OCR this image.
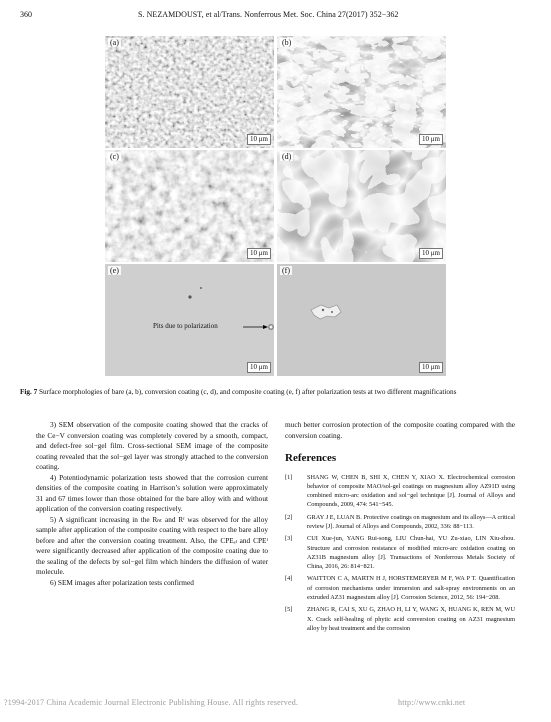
360	S. NEZAMDOUST, et al/Trans. Nonferrous Met. Soc. China 27(2017) 352−362
(a)
10 μm
(b)
10 μm
(c)
10 μm
(d)
10 μm
(e)
Pits due to polarization
10 μm
(f)
10 μm
Fig. 7 Surface morphologies of bare (a, b), conversion coating (c, d), and composite coating (e, f) after polarization tests at two different magnifications

3) SEM observation of the composite coating showed that the cracks of the Ce−V conversion coating was completely covered by a smooth, compact, and defect-free sol−gel film. Cross-sectional SEM image of the composite coating revealed that the sol−gel layer was strongly attached to the conversion coating.

4) Potentiodynamic polarization tests showed that the corrosion current densities of the composite coating in Harrison’s solution were approximately 31 and 67 times lower than those obtained for the bare alloy with and without application of the conversion coating respectively.

5) A significant increasing in the Rₙₜ and Rᶠ was observed for the alloy sample after application of the composite coating with respect to the bare alloy before and after the conversion coating treatment. Also, the CPEₑₗ and CPEᶠ were significantly decreased after application of the composite coating due to the sealing of the defects by sol−gel film which hinders the diffusion of water molecule.

6) SEM images after polarization tests confirmed

much better corrosion protection of the composite coating compared with the conversion coating.

References
[1] SHANG W, CHEN B, SHI X, CHEN Y, XIAO X. Electrochemical corrosion behavior of composite MAO/sol-gel coatings on magnesium alloy AZ91D using combined micro-arc oxidation and sol−gel technique [J]. Journal of Alloys and Compounds, 2009, 474: 541−545.
[2] GRAY J E, LUAN B. Protective coatings on magnesium and its alloys—A critical review [J]. Journal of Alloys and Compounds, 2002, 336: 88−113.
[3] CUI Xue-jun, YANG Rui-song, LIU Chun-hai, YU Zu-xiao, LIN Xiu-zhou. Structure and corrosion resistance of modified micro-arc oxidation coating on AZ31B magnesium alloy [J]. Transactions of Nonferrous Metals Society of China, 2016, 26: 814−821.
[4] WAITTON C A, MARTN H J, HORSTEMERYER M F, WA P T. Quantification of corrosion mechanisms under immersion and salt-spray environments on an extruded AZ31 magnesium alloy [J]. Corrosion Science, 2012, 56: 194−208.
[5] ZHANG R, CAI S, XU G, ZHAO H, LI Y, WANG X, HUANG K, REN M, WU X. Crack self-healing of phytic acid conversion coating on AZ31 magnesium alloy by heat treatment and the corrosion
?1994-2017 China Academic Journal Electronic Publishing House. All rights reserved.	http://www.cnki.net
